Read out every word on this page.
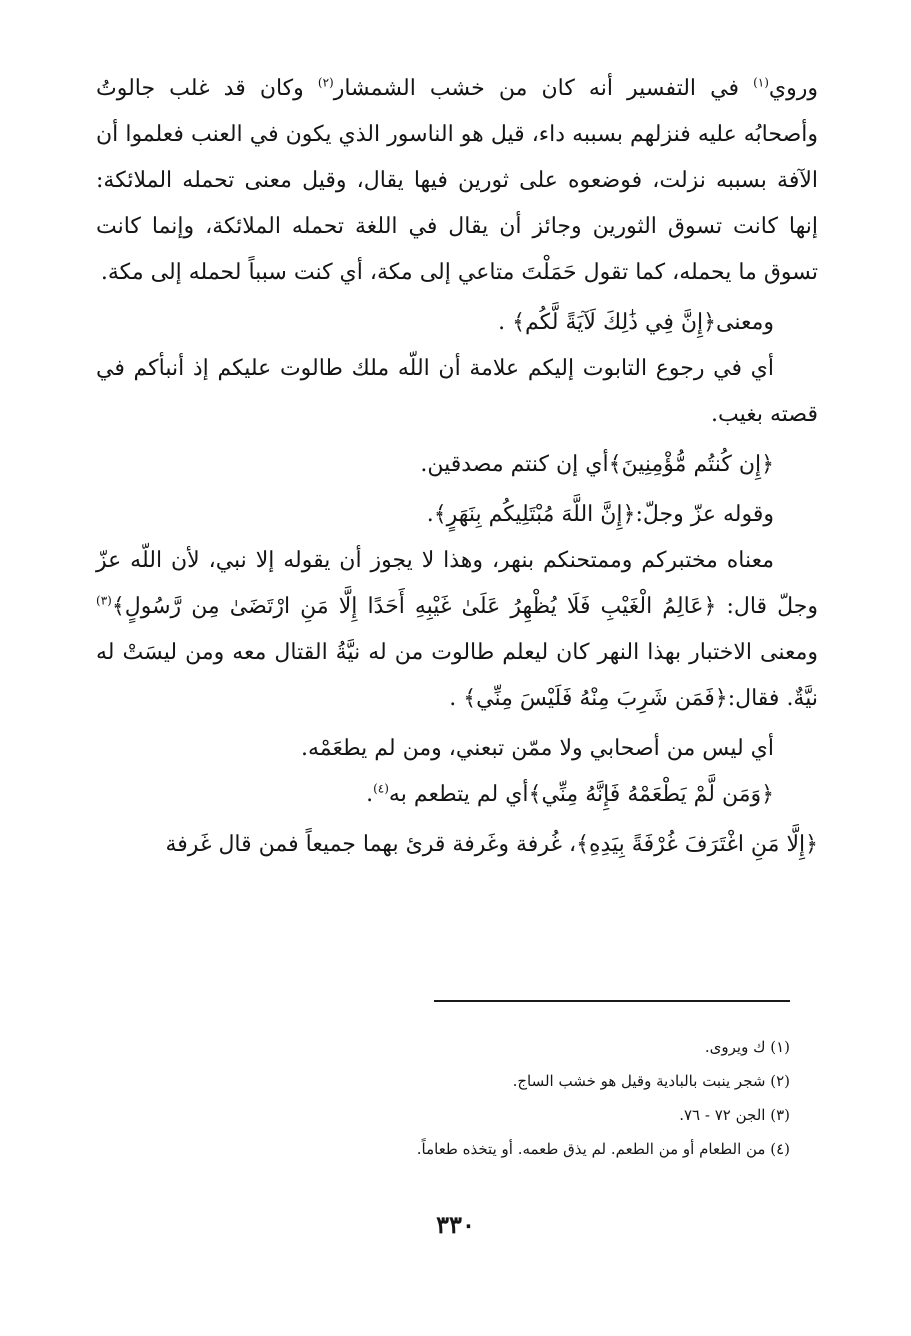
وروي$^{(١)}$ في التفسير أنه كان من خشب الشمشار$^{(٢)}$ وكان قد غلب جالوتُ وأصحابُه عليه فنزلهم بسببه داء، قيل هو الناسور الذي يكون في العنب فعلموا أن الآفة بسببه نزلت، فوضعوه على ثورين فيها يقال، وقيل معنى تحمله الملائكة: إنها كانت تسوق الثورين وجائز أن يقال في اللغة تحمله الملائكة، وإنما كانت تسوق ما يحمله، كما تقول حَمَلْتَ متاعي إلى مكة، أي كنت سبباً لحمله إلى مكة.

ومعنى﴿إِنَّ فِي ذَٰلِكَ لَآيَةً لَّكُم﴾ .

أي في رجوع التابوت إليكم علامة أن اللّه ملك طالوت عليكم إذ أنبأكم في قصته بغيب.

﴿إِن كُنتُم مُّؤْمِنِينَ﴾أي إن كنتم مصدقين.

وقوله عزّ وجلّ:﴿إِنَّ اللَّهَ مُبْتَلِيكُم بِنَهَرٍ﴾.

معناه مختبركم وممتحنكم بنهر، وهذا لا يجوز أن يقوله إلا نبي، لأن اللّه عزّ وجلّ قال: ﴿عَالِمُ الْغَيْبِ فَلَا يُظْهِرُ عَلَىٰ غَيْبِهِ أَحَدًا إِلَّا مَنِ ارْتَضَىٰ مِن رَّسُولٍ﴾$^{(٣)}$ ومعنى الاختبار بهذا النهر كان ليعلم طالوت من له نيَّةُ القتال معه ومن ليسَتْ له نيَّةٌ. فقال:﴿فَمَن شَرِبَ مِنْهُ فَلَيْسَ مِنِّي﴾ .

أي ليس من أصحابي ولا ممّن تبعني، ومن لم يطعَمْه.

﴿وَمَن لَّمْ يَطْعَمْهُ فَإِنَّهُ مِنِّي﴾أي لم يتطعم به$^{(٤)}$.

﴿إِلَّا مَنِ اغْتَرَفَ غُرْفَةً بِيَدِهِ﴾، غُرفة وغَرفة قرئ بهما جميعاً فمن قال غَرفة

(١) ك ويروى.

(٢) شجر ينبت بالبادية وقيل هو خشب الساج.

(٣) الجن ٧٢ - ٧٦.

(٤) من الطعام أو من الطعم. لم يذق طعمه. أو يتخذه طعاماً.

٣٣٠
